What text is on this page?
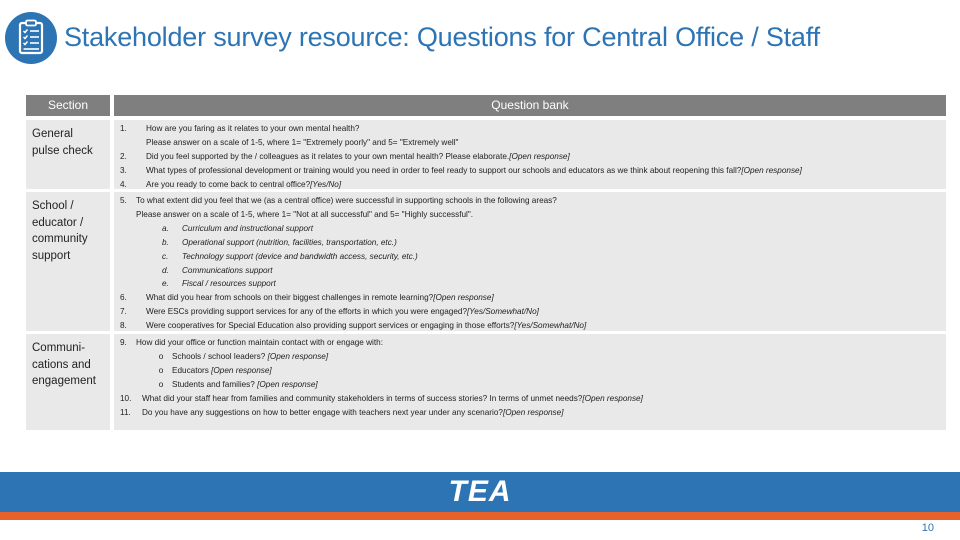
Stakeholder survey resource: Questions for Central Office / Staff
Section	Question bank
General
pulse check
1. How are you faring as it relates to your own mental health?
Please answer on a scale of 1-5, where 1= "Extremely poorly" and 5= "Extremely well"
2. Did you feel supported by the / colleagues as it relates to your own mental health? Please elaborate.[Open response]
3. What types of professional development or training would you need in order to feel ready to support our schools and educators as we think about reopening this fall?[Open response]
4. Are you ready to come back to central office?[Yes/No]
School /
educator /
community
support
5. To what extent did you feel that we (as a central office) were successful in supporting schools in the following areas?
Please answer on a scale of 1-5, where 1= "Not at all successful" and 5= "Highly successful".
a. Curriculum and instructional support
b. Operational support (nutrition, facilities, transportation, etc.)
c. Technology support (device and bandwidth access, security, etc.)
d. Communications support
e. Fiscal / resources support
6. What did you hear from schools on their biggest challenges in remote learning?[Open response]
7. Were ESCs providing support services for any of the efforts in which you were engaged?[Yes/Somewhat/No]
8. Were cooperatives for Special Education also providing support services or engaging in those efforts?[Yes/Somewhat/No]
Communi-
cations and
engagement
9. How did your office or function maintain contact with or engage with:
o Schools / school leaders? [Open response]
o Educators [Open response]
o Students and families? [Open response]
10. What did your staff hear from families and community stakeholders in terms of success stories? In terms of unmet needs?[Open response]
11. Do you have any suggestions on how to better engage with teachers next year under any scenario?[Open response]
TEA
10
